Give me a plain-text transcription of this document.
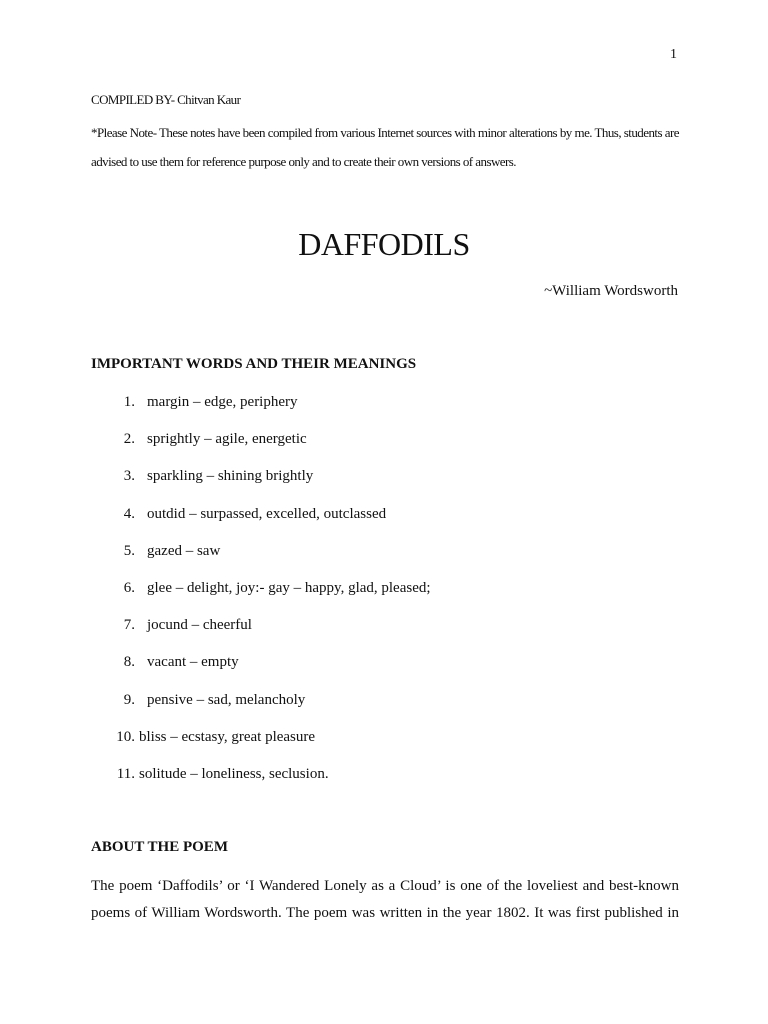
1
COMPILED BY- Chitvan Kaur
*Please Note- These notes have been compiled from various Internet sources with minor alterations by me. Thus, students are advised to use them for reference purpose only and to create their own versions of answers.
DAFFODILS
~William Wordsworth
IMPORTANT WORDS AND THEIR MEANINGS
1. margin – edge, periphery
2. sprightly – agile, energetic
3. sparkling – shining brightly
4. outdid – surpassed, excelled, outclassed
5. gazed – saw
6. glee – delight, joy:- gay – happy, glad, pleased;
7. jocund – cheerful
8. vacant – empty
9. pensive – sad, melancholy
10. bliss – ecstasy, great pleasure
11. solitude – loneliness, seclusion.
ABOUT THE POEM
The poem ‘Daffodils’ or ‘I Wandered Lonely as a Cloud’ is one of the loveliest and best-known
poems of William Wordsworth. The poem was written in the year 1802. It was first published in
